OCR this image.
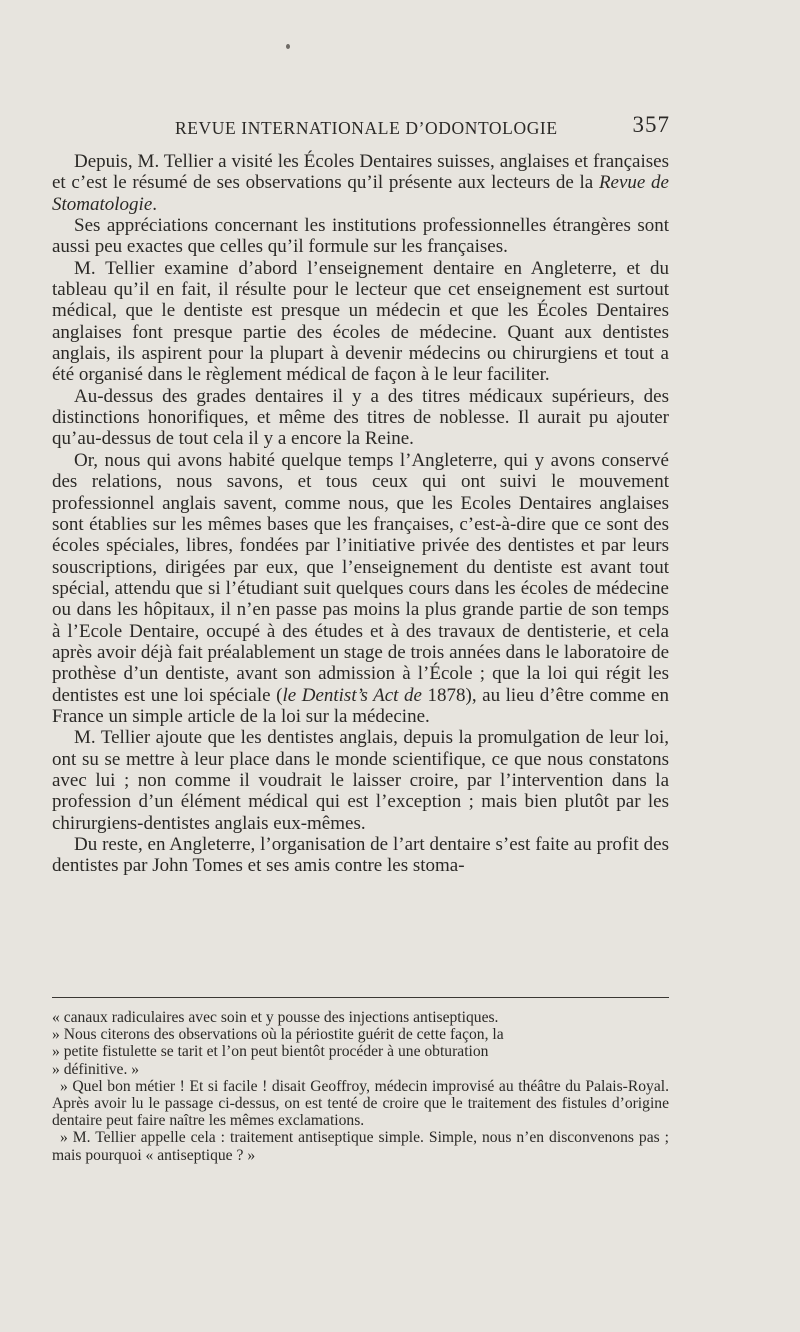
REVUE INTERNATIONALE D’ODONTOLOGIE	357

Depuis, M. Tellier a visité les Écoles Dentaires suisses, anglaises et françaises et c’est le résumé de ses observations qu’il présente aux lecteurs de la Revue de Stomatologie.

Ses appréciations concernant les institutions professionnelles étrangères sont aussi peu exactes que celles qu’il formule sur les françaises.

M. Tellier examine d’abord l’enseignement dentaire en Angleterre, et du tableau qu’il en fait, il résulte pour le lecteur que cet enseignement est surtout médical, que le dentiste est presque un médecin et que les Écoles Dentaires anglaises font presque partie des écoles de médecine. Quant aux dentistes anglais, ils aspirent pour la plupart à devenir médecins ou chirurgiens et tout a été organisé dans le règlement médical de façon à le leur faciliter.

Au-dessus des grades dentaires il y a des titres médicaux supérieurs, des distinctions honorifiques, et même des titres de noblesse. Il aurait pu ajouter qu’au-dessus de tout cela il y a encore la Reine.

Or, nous qui avons habité quelque temps l’Angleterre, qui y avons conservé des relations, nous savons, et tous ceux qui ont suivi le mouvement professionnel anglais savent, comme nous, que les Ecoles Dentaires anglaises sont établies sur les mêmes bases que les françaises, c’est-à-dire que ce sont des écoles spéciales, libres, fondées par l’initiative privée des dentistes et par leurs souscriptions, dirigées par eux, que l’enseignement du dentiste est avant tout spécial, attendu que si l’étudiant suit quelques cours dans les écoles de médecine ou dans les hôpitaux, il n’en passe pas moins la plus grande partie de son temps à l’Ecole Dentaire, occupé à des études et à des travaux de dentisterie, et cela après avoir déjà fait préalablement un stage de trois années dans le laboratoire de prothèse d’un dentiste, avant son admission à l’École ; que la loi qui régit les dentistes est une loi spéciale (le Dentist’s Act de 1878), au lieu d’être comme en France un simple article de la loi sur la médecine.

M. Tellier ajoute que les dentistes anglais, depuis la promulgation de leur loi, ont su se mettre à leur place dans le monde scientifique, ce que nous constatons avec lui ; non comme il voudrait le laisser croire, par l’intervention dans la profession d’un élément médical qui est l’exception ; mais bien plutôt par les chirurgiens-dentistes anglais eux-mêmes.

Du reste, en Angleterre, l’organisation de l’art dentaire s’est faite au profit des dentistes par John Tomes et ses amis contre les stoma-

« canaux radiculaires avec soin et y pousse des injections antiseptiques.

» Nous citerons des observations où la périostite guérit de cette façon, la

» petite fistulette se tarit et l’on peut bientôt procéder à une obturation

» définitive. »

» Quel bon métier ! Et si facile ! disait Geoffroy, médecin improvisé au théâtre du Palais-Royal. Après avoir lu le passage ci-dessus, on est tenté de croire que le traitement des fistules d’origine dentaire peut faire naître les mêmes exclamations.

» M. Tellier appelle cela : traitement antiseptique simple. Simple, nous n’en disconvenons pas ; mais pourquoi « antiseptique ? »
